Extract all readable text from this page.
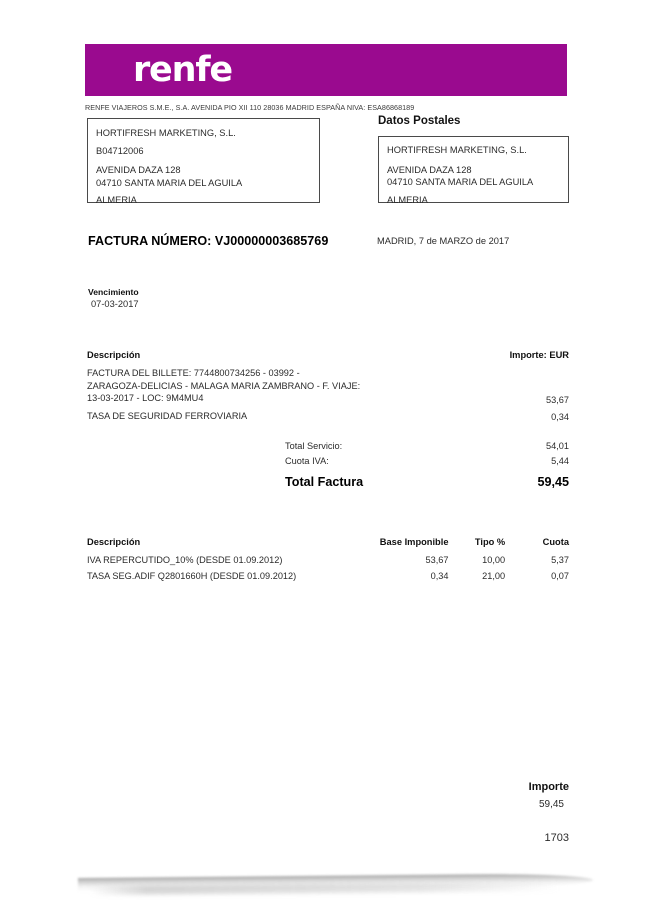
renfe
RENFE VIAJEROS S.M.E., S.A. AVENIDA PIO XII 110 28036 MADRID ESPAÑA NIVA: ESA86868189
HORTIFRESH MARKETING, S.L.
B04712006
AVENIDA DAZA 128
04710 SANTA MARIA DEL AGUILA
ALMERIA
Datos Postales
HORTIFRESH MARKETING, S.L.
AVENIDA DAZA 128
04710 SANTA MARIA DEL AGUILA
ALMERIA
FACTURA NÚMERO: VJ00000003685769	MADRID, 7 de MARZO de 2017
Vencimiento
07-03-2017
Descripción	Importe: EUR

FACTURA DEL BILLETE: 7744800734256 - 03992 -
ZARAGOZA-DELICIAS - MALAGA MARIA ZAMBRANO - F. VIAJE:
13-03-2017 - LOC: 9M4MU4	53,67
TASA DE SEGURIDAD FERROVIARIA	0,34
Total Servicio:	54,01
Cuota IVA:	5,44
Total Factura	59,45
Descripción	Base Imponible	Tipo %	Cuota
IVA REPERCUTIDO_10% (DESDE 01.09.2012)	53,67	10,00	5,37
TASA SEG.ADIF Q2801660H (DESDE 01.09.2012)	0,34	21,00	0,07
Importe
59,45
1703
